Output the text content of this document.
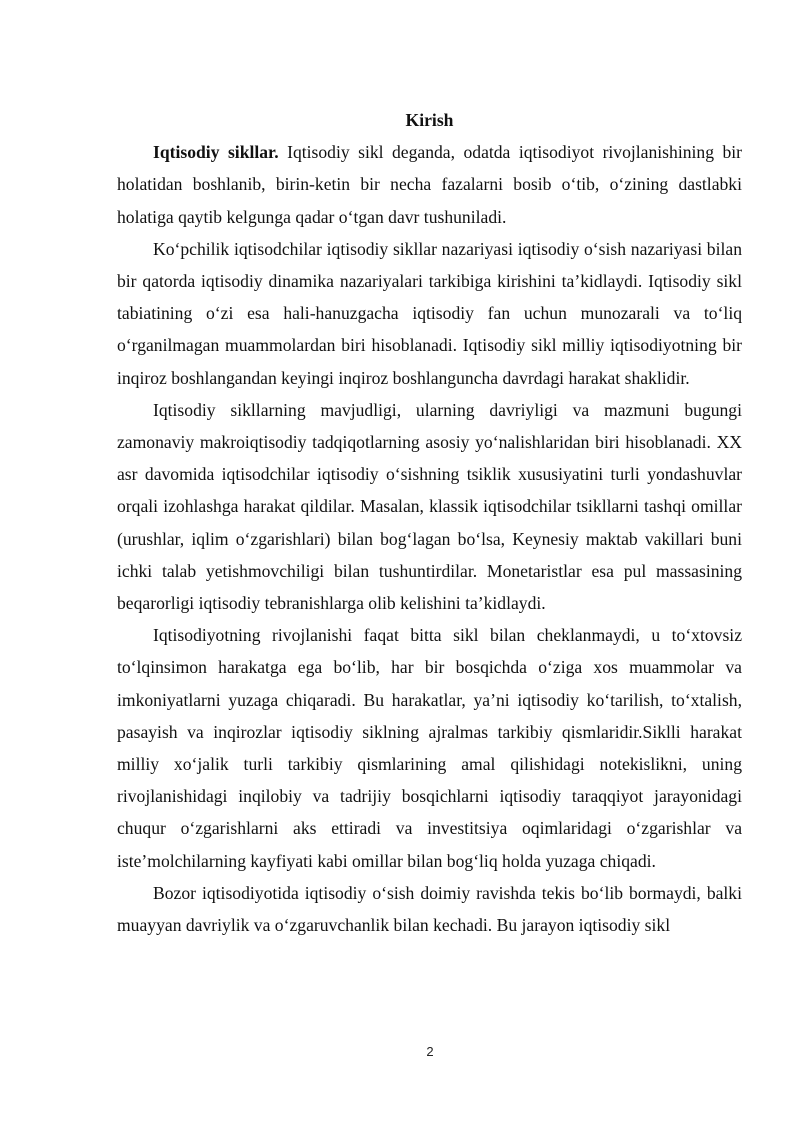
Kirish

Iqtisodiy sikllar. Iqtisodiy sikl deganda, odatda iqtisodiyot rivojlanishining bir holatidan boshlanib, birin-ketin bir necha fazalarni bosib o‘tib, o‘zining dastlabki holatiga qaytib kelgunga qadar o‘tgan davr tushuniladi.

Ko‘pchilik iqtisodchilar iqtisodiy sikllar nazariyasi iqtisodiy o‘sish nazariyasi bilan bir qatorda iqtisodiy dinamika nazariyalari tarkibiga kirishini ta’kidlaydi. Iqtisodiy sikl tabiatining o‘zi esa hali-hanuzgacha iqtisodiy fan uchun munozarali va to‘liq o‘rganilmagan muammolardan biri hisoblanadi. Iqtisodiy sikl milliy iqtisodiyotning bir inqiroz boshlangandan keyingi inqiroz boshlanguncha davrdagi harakat shaklidir.

Iqtisodiy sikllarning mavjudligi, ularning davriyligi va mazmuni bugungi zamonaviy makroiqtisodiy tadqiqotlarning asosiy yo‘nalishlaridan biri hisoblanadi. XX asr davomida iqtisodchilar iqtisodiy o‘sishning tsiklik xususiyatini turli yondashuvlar orqali izohlashga harakat qildilar. Masalan, klassik iqtisodchilar tsikllarni tashqi omillar (urushlar, iqlim o‘zgarishlari) bilan bog‘lagan bo‘lsa, Keynesiy maktab vakillari buni ichki talab yetishmovchiligi bilan tushuntirdilar. Monetaristlar esa pul massasining beqarorligi iqtisodiy tebranishlarga olib kelishini ta’kidlaydi.

Iqtisodiyotning rivojlanishi faqat bitta sikl bilan cheklanmaydi, u to‘xtovsiz to‘lqinsimon harakatga ega bo‘lib, har bir bosqichda o‘ziga xos muammolar va imkoniyatlarni yuzaga chiqaradi. Bu harakatlar, ya’ni iqtisodiy ko‘tarilish, to‘xtalish, pasayish va inqirozlar iqtisodiy siklning ajralmas tarkibiy qismlaridir.Siklli harakat milliy xo‘jalik turli tarkibiy qismlarining amal qilishidagi notekislikni, uning rivojlanishidagi inqilobiy va tadrijiy bosqichlarni iqtisodiy taraqqiyot jarayonidagi chuqur o‘zgarishlarni aks ettiradi va investitsiya oqimlaridagi o‘zgarishlar va iste’molchilarning kayfiyati kabi omillar bilan bog‘liq holda yuzaga chiqadi.

Bozor iqtisodiyotida iqtisodiy o‘sish doimiy ravishda tekis bo‘lib bormaydi, balki muayyan davriylik va o‘zgaruvchanlik bilan kechadi. Bu jarayon iqtisodiy sikl

2
